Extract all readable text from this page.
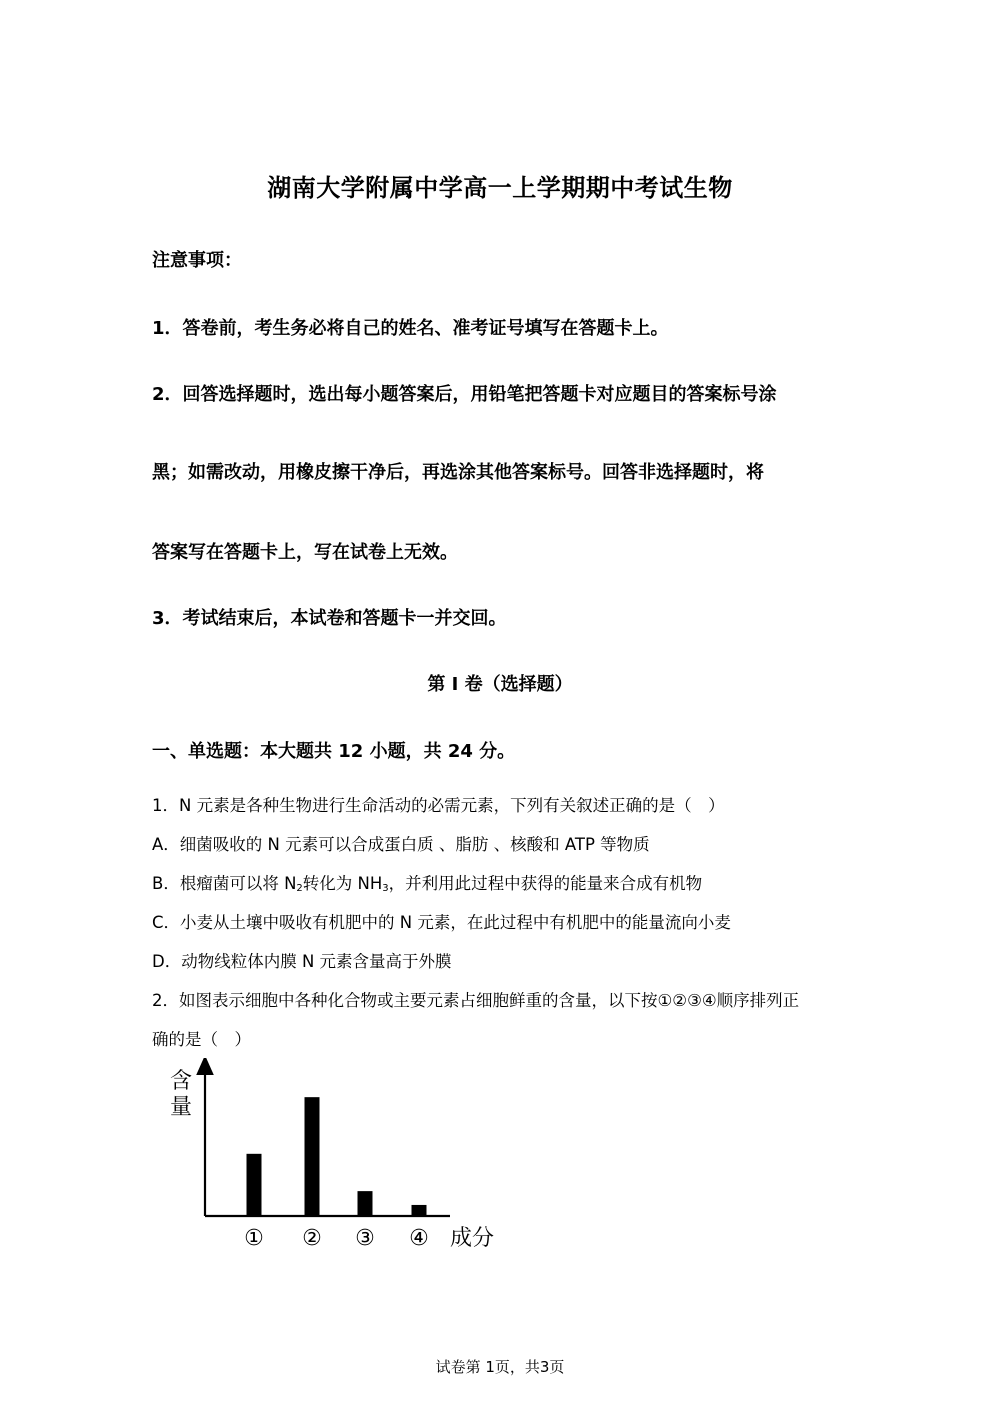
湖南大学附属中学高一上学期期中考试生物
注意事项：
1．答卷前，考生务必将自己的姓名、准考证号填写在答题卡上。
2．回答选择题时，选出每小题答案后，用铅笔把答题卡对应题目的答案标号涂
黑；如需改动，用橡皮擦干净后，再选涂其他答案标号。回答非选择题时，将
答案写在答题卡上，写在试卷上无效。
3．考试结束后，本试卷和答题卡一并交回。
第 I 卷（选择题）
一、单选题：本大题共 12 小题，共 24 分。
1．N 元素是各种生物进行生命活动的必需元素，下列有关叙述正确的是（　）
A．细菌吸收的 N 元素可以合成蛋白质 、脂肪 、核酸和 ATP 等物质
B．根瘤菌可以将 $N_2$转化为 $NH_3$，并利用此过程中获得的能量来合成有机物
C．小麦从土壤中吸收有机肥中的 N 元素，在此过程中有机肥中的能量流向小麦
D．动物线粒体内膜 N 元素含量高于外膜
2．如图表示细胞中各种化合物或主要元素占细胞鲜重的含量，以下按①②③④顺序排列正
确的是（　）
含量
成分
① ② ③ ④
试卷第 1页，共3页
